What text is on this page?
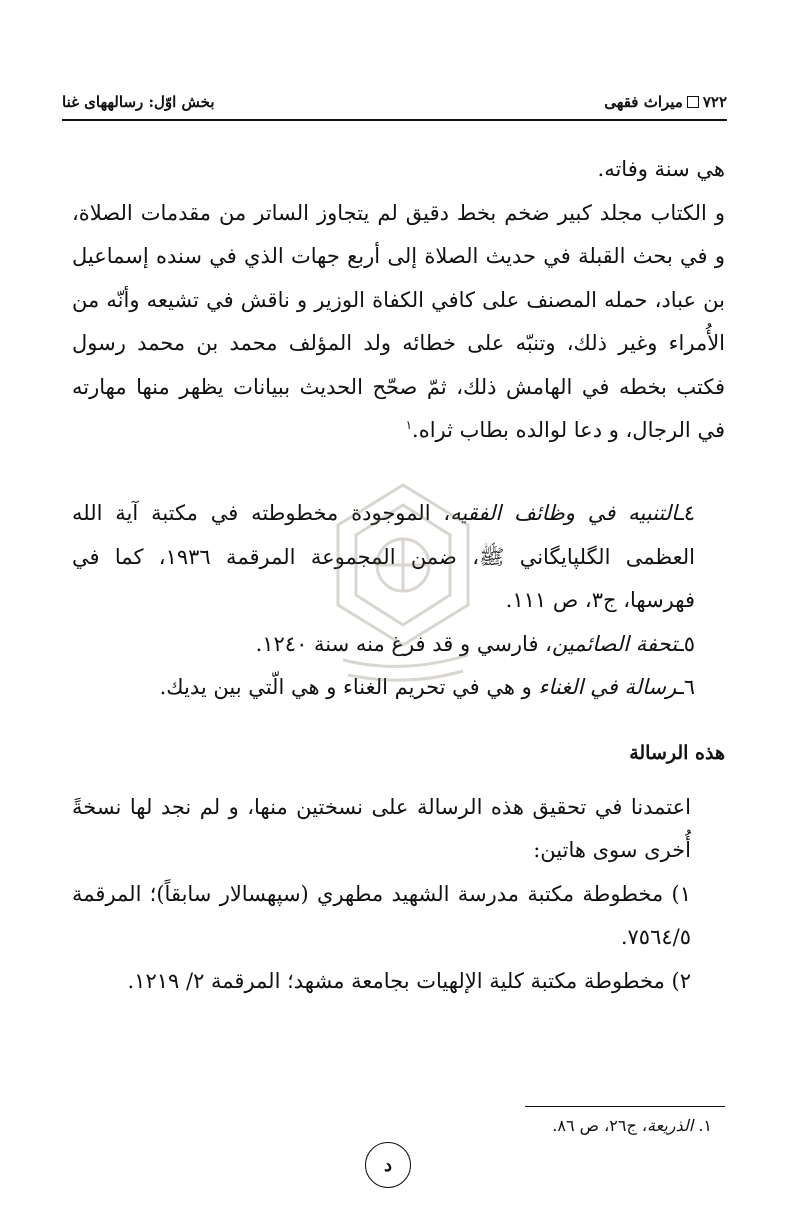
٧٢٢
میراث فقهی
بخش اوّل: رسالههای غنا

هي سنة وفاته.

و الكتاب مجلد كبير ضخم بخط دقيق لم يتجاوز الساتر من مقدمات الصلاة، و في بحث القبلة في حديث الصلاة إلى أربع جهات الذي في سنده إسماعيل بن عباد، حمله المصنف على كافي الكفاة الوزير و ناقش في تشيعه وأنّه من الأُمراء وغير ذلك، وتنبّه على خطائه ولد المؤلف محمد بن محمد رسول فكتب بخطه في الهامش ذلك، ثمّ صحّح الحديث ببيانات يظهر منها مهارته في الرجال، و دعا لوالده بطاب ثراه.$^١$

٤ـالتنبيه في وظائف الفقيه، الموجودة مخطوطته في مكتبة آية الله العظمى الگلپايگاني ﷺ، ضمن المجموعة المرقمة ١٩٣٦، كما في فهرسها، ج٣، ص ١١١.

٥ـتحفة الصائمين، فارسي و قد فرغ منه سنة ١٢٤٠.

٦ـرسالة في الغناء و هي في تحريم الغناء و هي الّتي بين يديك.

هذه الرسالة

اعتمدنا في تحقيق هذه الرسالة على نسختين منها، و لم نجد لها نسخةً أُخرى سوى هاتين:

١) مخطوطة مكتبة مدرسة الشهيد مطهري (سپهسالار سابقاً)؛ المرقمة ٧٥٦٤/٥.

٢) مخطوطة مكتبة كلية الإلهيات بجامعة مشهد؛ المرقمة ٢/ ١٢١٩.

١. الذريعة، ج٢٦، ص ٨٦.
د
